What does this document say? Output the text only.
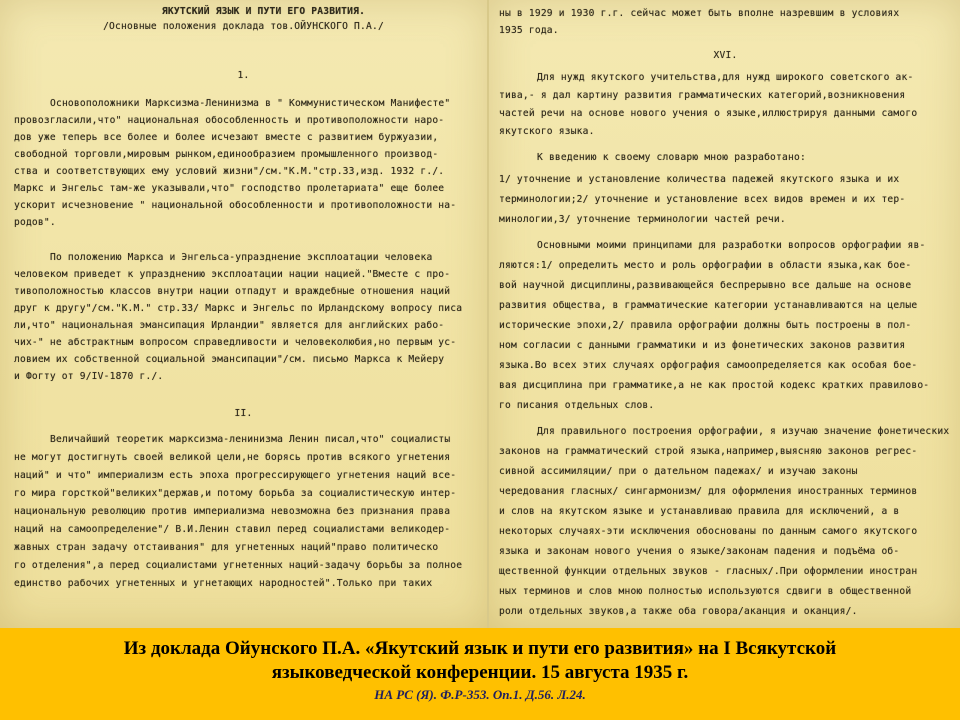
ЯКУТСКИЙ ЯЗЫК И ПУТИ ЕГО РАЗВИТИЯ.
/Основные положения доклада тов.ОЙУНСКОГО П.А./
1.
Основоположники Марксизма-Ленинизма в " Коммунистическом Манифесте"
провозгласили,что" национальная обособленность и противоположности наро-
дов уже теперь все более и более исчезают вместе с развитием буржуазии,
свободной торговли,мировым рынком,единообразием промышленного производ-
ства и соответствующих ему условий жизни"/см."К.М."стр.33,изд. 1932 г./.
Маркс и Энгельс там-же указывали,что" господство пролетариата" еще более
ускорит исчезновение " национальной обособленности и противоположности на-
родов".
По положению Маркса и Энгельса-упразднение эксплоатации человека
человеком приведет к упразднению эксплоатации нации нацией."Вместе с про-
тивоположностью классов внутри нации отпадут и враждебные отношения наций
друг к другу"/см."К.М." стр.33/ Маркс и Энгельс по Ирландскому вопросу писа
ли,что" национальная эмансипация Ирландии" является для английских рабо-
чих-" не абстрактным вопросом справедливости и человеколюбия,но первым ус-
ловием их собственной социальной эмансипации"/см. письмо Маркса к Мейеру
и Фогту от 9/IV-1870 г./.
II.
Величайший теоретик марксизма-ленинизма Ленин писал,что" социалисты
не могут достигнуть своей великой цели,не борясь против всякого угнетения
наций" и что" империализм есть эпоха прогрессирующего угнетения наций все-
го мира горсткой"великих"держав,и потому борьба за социалистическую интер-
национальную революцию против империализма невозможна без признания права
наций на самоопределение"/ В.И.Ленин ставил перед социалистами великодер-
жавных стран задачу отстаивания" для угнетенных наций"право политическо
го отделения",а перед социалистами угнетенных наций-задачу борьбы за полное
единство рабочих угнетенных и угнетающих народностей".Только при таких
ны в 1929 и 1930 г.г. сейчас может быть вполне назревшим в условиях
1935 года.
XVI.
Для нужд якутского учительства,для нужд широкого советского ак-
тива,- я дал картину развития грамматических категорий,возникновения
частей речи на основе нового учения о языке,иллюстрируя данными самого
якутского языка.
К введению к своему словарю мною разработано:
1/ уточнение и установление количества падежей якутского языка и их
терминологии;2/ уточнение и установление всех видов времен и их тер-
минологии,3/ уточнение терминологии частей речи.
Основными моими принципами для разработки вопросов орфографии яв-
ляются:1/ определить место и роль орфографии в области языка,как бое-
вой научной дисциплины,развивающейся беспрерывно все дальше на основе
развития общества, в грамматические категории устанавливаются на целые
исторические эпохи,2/ правила орфографии должны быть построены в пол-
ном согласии с данными грамматики и из фонетических законов развития
языка.Во всех этих случаях орфография самоопределяется как особая бое-
вая дисциплина при грамматике,а не как простой кодекс кратких правилово-
го писания отдельных слов.
Для правильного построения орфографии, я изучаю значение фонетических
законов на грамматический строй языка,например,выясняю законов регрес-
сивной ассимиляции/ при о дательном падежах/ и изучаю законы
чередования гласных/ сингармонизм/ для оформления иностранных терминов
и слов на якутском языке и устанавливаю правила для исключений, а в
некоторых случаях-эти исключения обоснованы по данным самого якутского
языка и законам нового учения о языке/законам падения и подъёма об-
щественной функции отдельных звуков - гласных/.При оформлении иностран
ных терминов и слов мною полностью используются сдвиги в общественной
роли отдельных звуков,а также оба говора/аканция и оканция/.
Из доклада Ойунского П.А. «Якутский язык и пути его развития» на I Всякутской
языковедческой конференции. 15 августа 1935 г.
НА РС (Я). Ф.Р-353. Оп.1. Д.56. Л.24.
